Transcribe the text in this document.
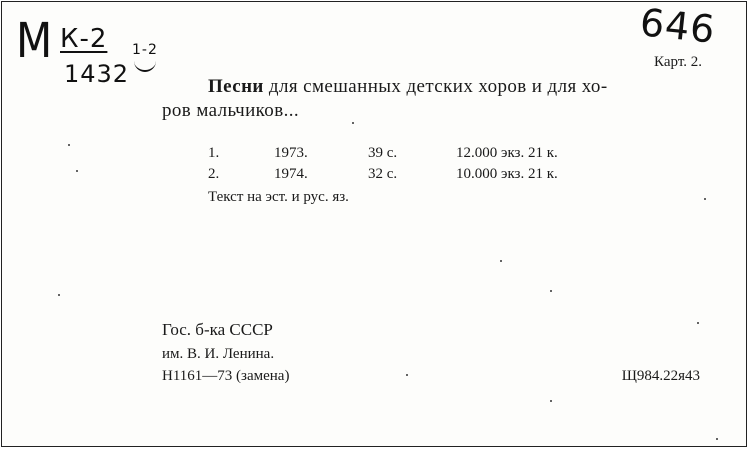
М К-2
1432
1-2	646
Карт. 2.
Песни для смешанных детских хоров и для хо-
ров мальчиков...
1.	1973.	39 с.	12.000 экз. 21 к.
2.	1974.	32 с.	10.000 экз. 21 к.
Текст на эст. и рус. яз.
Гос. б-ка СССР
им. В. И. Ленина.
Н1161—73 (замена)	Щ984.22я43
